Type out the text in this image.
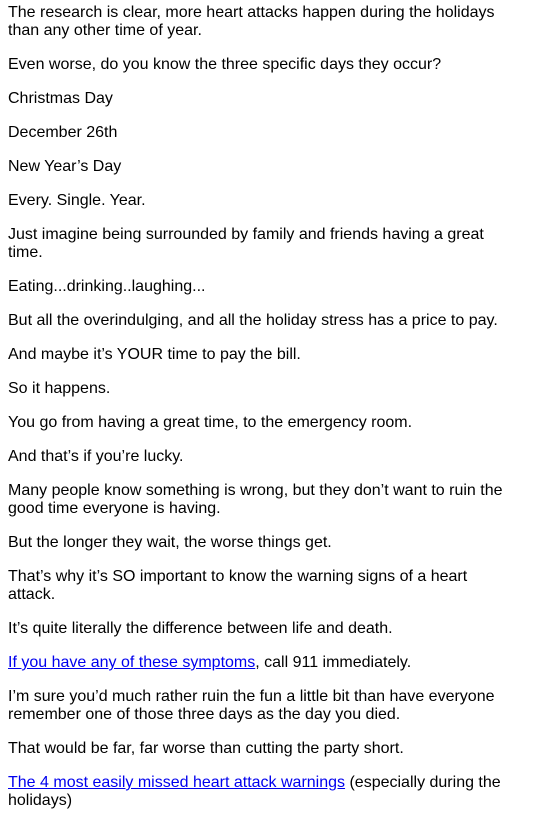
The research is clear, more heart attacks happen during the holidays than any other time of year.

Even worse, do you know the three specific days they occur?

Christmas Day

December 26th

New Year’s Day

Every. Single. Year.

Just imagine being surrounded by family and friends having a great time.

Eating...drinking..laughing...

But all the overindulging, and all the holiday stress has a price to pay.

And maybe it’s YOUR time to pay the bill.

So it happens.

You go from having a great time, to the emergency room.

And that’s if you’re lucky.

Many people know something is wrong, but they don’t want to ruin the good time everyone is having.

But the longer they wait, the worse things get.

That’s why it’s SO important to know the warning signs of a heart attack.

It’s quite literally the difference between life and death.

If you have any of these symptoms, call 911 immediately.

I’m sure you’d much rather ruin the fun a little bit than have everyone remember one of those three days as the day you died.

That would be far, far worse than cutting the party short.

The 4 most easily missed heart attack warnings (especially during the holidays)
